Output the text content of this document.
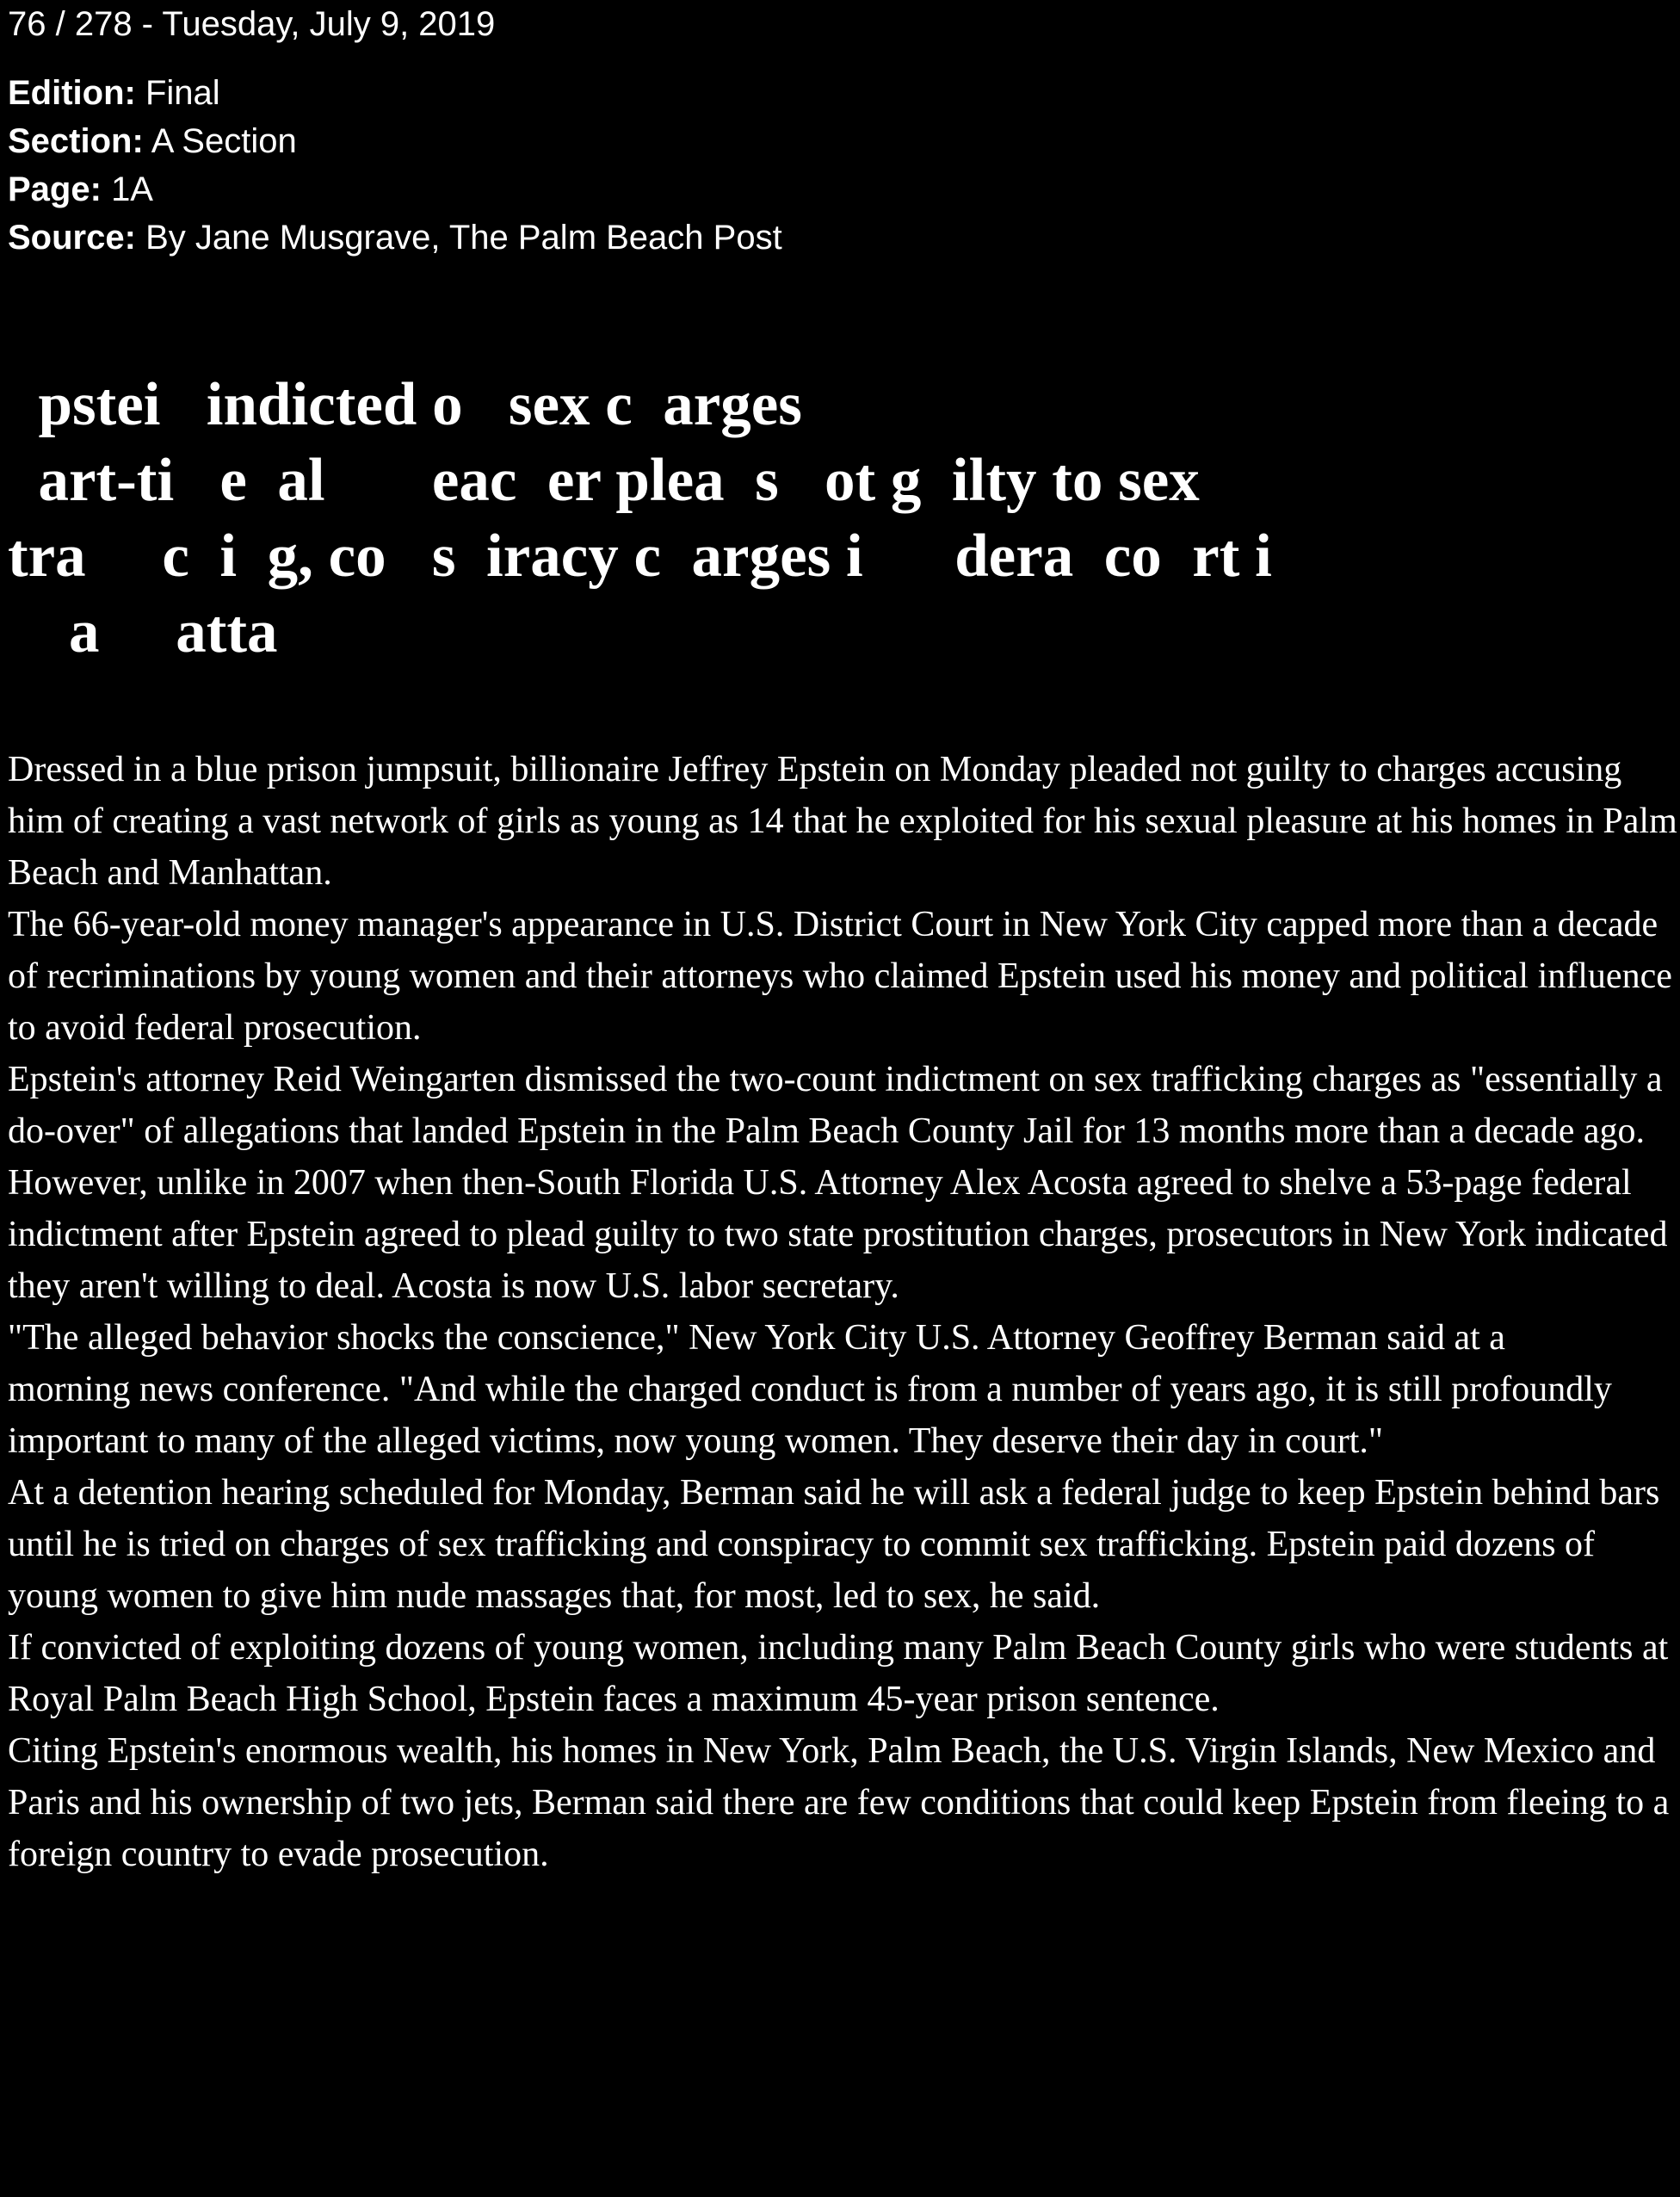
76 / 278 - Tuesday, July 9, 2019

Edition: Final

Section: A Section

Page: 1A

Source: By Jane Musgrave, The Palm Beach Post

pstei   indicted o   sex c  arges
art-ti   e  al       eac  er plea  s   ot g  ilty to sex
tra     c  i  g, co   s  iracy c  arges i      dera  co  rt i
a     atta

Dressed in a blue prison jumpsuit, billionaire Jeffrey Epstein on Monday pleaded not guilty to charges accusing him of creating a vast network of girls as young as 14 that he exploited for his sexual pleasure at his homes in Palm Beach and Manhattan.

The 66-year-old money manager's appearance in U.S. District Court in New York City capped more than a decade of recriminations by young women and their attorneys who claimed Epstein used his money and political influence to avoid federal prosecution.

Epstein's attorney Reid Weingarten dismissed the two-count indictment on sex trafficking charges as "essentially a do-over" of allegations that landed Epstein in the Palm Beach County Jail for 13 months more than a decade ago.

However, unlike in 2007 when then-South Florida U.S. Attorney Alex Acosta agreed to shelve a 53-page federal indictment after Epstein agreed to plead guilty to two state prostitution charges, prosecutors in New York indicated they aren't willing to deal. Acosta is now U.S. labor secretary.

"The alleged behavior shocks the conscience," New York City U.S. Attorney Geoffrey Berman said at a

morning news conference. "And while the charged conduct is from a number of years ago, it is still profoundly important to many of the alleged victims, now young women. They deserve their day in court."

At a detention hearing scheduled for Monday, Berman said he will ask a federal judge to keep Epstein behind bars until he is tried on charges of sex trafficking and conspiracy to commit sex trafficking. Epstein paid dozens of young women to give him nude massages that, for most, led to sex, he said.

If convicted of exploiting dozens of young women, including many Palm Beach County girls who were students at Royal Palm Beach High School, Epstein faces a maximum 45-year prison sentence.

Citing Epstein's enormous wealth, his homes in New York, Palm Beach, the U.S. Virgin Islands, New Mexico and Paris and his ownership of two jets, Berman said there are few conditions that could keep Epstein from fleeing to a foreign country to evade prosecution.
